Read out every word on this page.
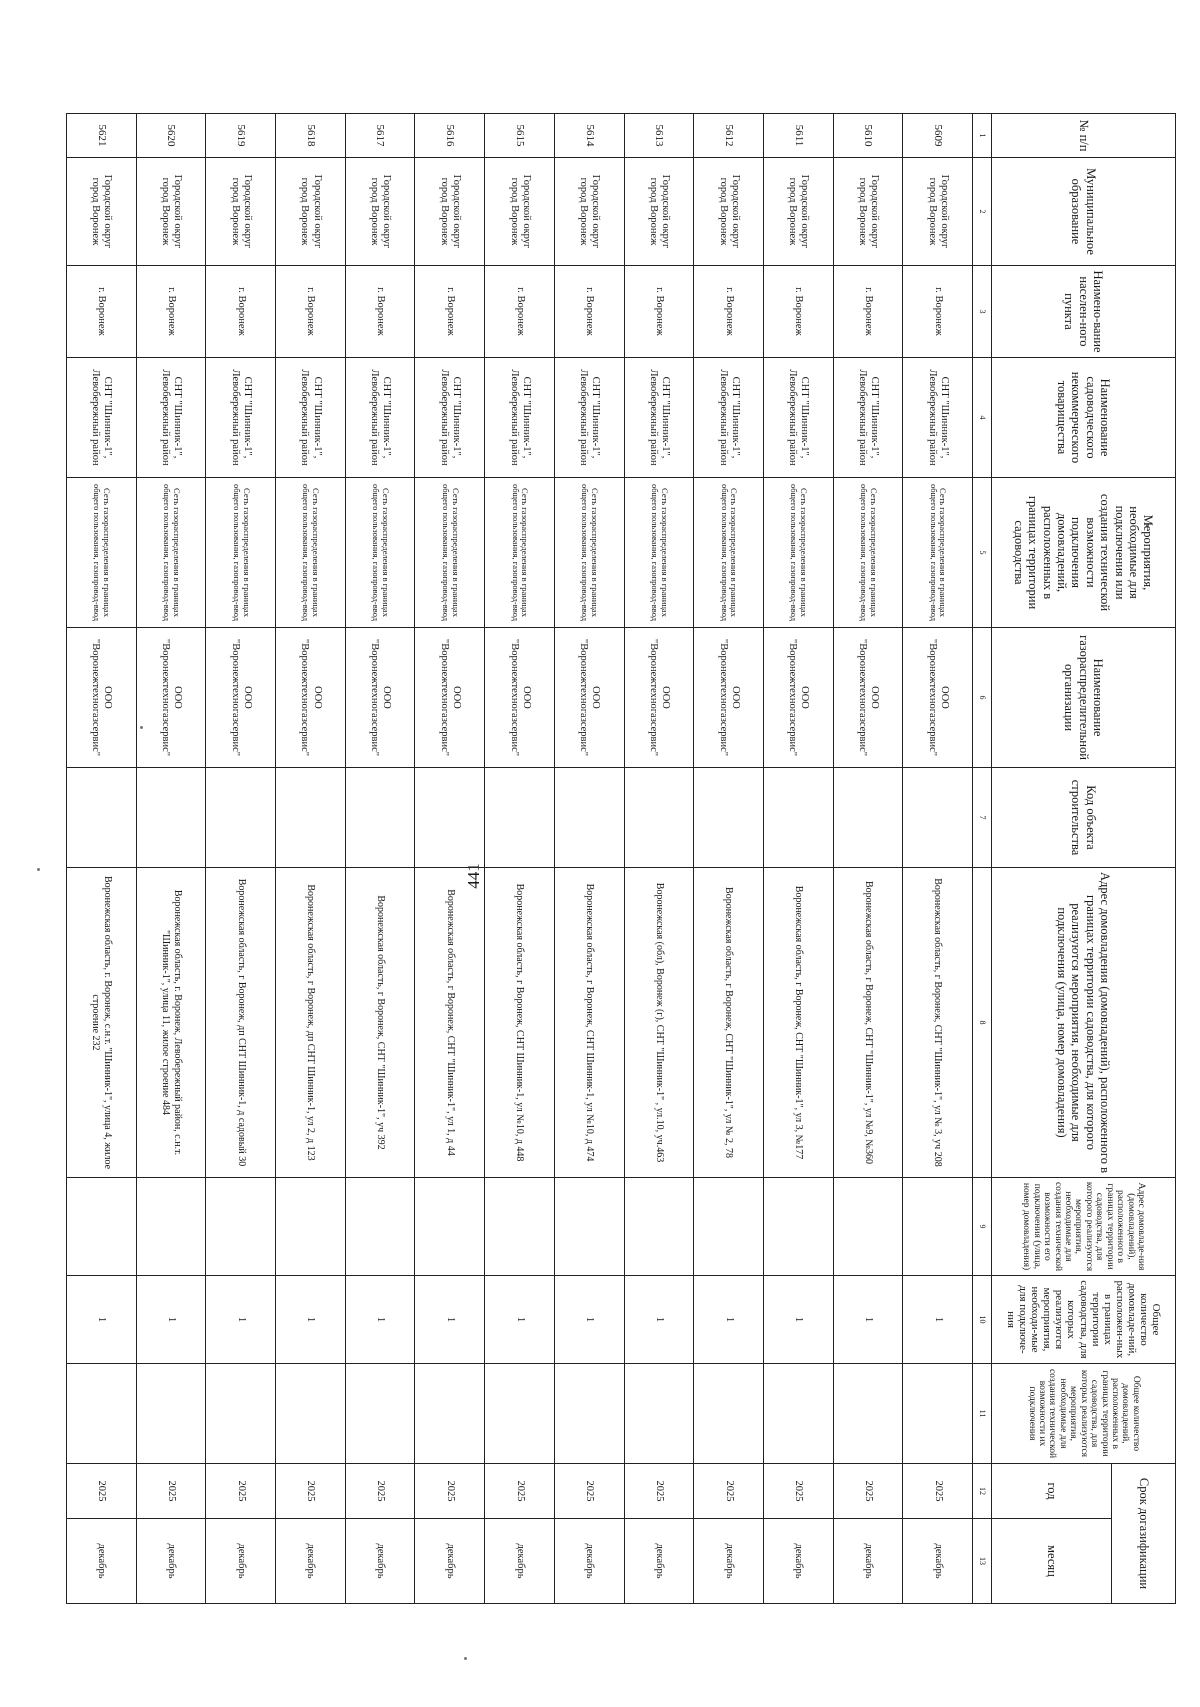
441
№ п/п	Муниципальное образование	Наимено-вание населен-ного пункта	Наименование садоводческого некоммерческого товарищества	Мероприятия, необходимые для подключения или создания технической возможности подключения домовладений, расположенных в границах территории садоводства	Наименование газораспределительной организации	Код объекта строительства	Адрес домовладения (домовладений), расположенного в границах территории садоводства, для которого реализуются мероприятия, необходимые для подключения (улица, номер домовладения)	Адрес домовладе-ния (домовладений), расположенного в границах территории садоводства, для которого реализуются мероприятия, необходимые для создания технической возможности его подключения (улица, номер домовладения)	Общее количество домовладе-ний, расположен-ных в границах территории садоводства, для которых реализуются мероприятия, необходи-мые для подключе-ния	Общее количество домовладений, расположенных в границах территории садоводства, для которых реализуются мероприятия, необходимые для создания технической возможности их подключения	Срок догазификации	
											год	месяц
1	2	3	4	5	6	7	8	9	10	11	12	13
5609	Городской округ город Воронеж	г. Воронеж	СНТ "Шинник-1", Левобережный район	Сеть газораспределения в границах общего пользования, газопровод-ввод	ООО "Воронежтехногазсервис"		Воронежская область, г Воронеж, СНТ "Шинник-1", ул № 3, уч 208		1		2025	декабрь
5610	Городской округ город Воронеж	г. Воронеж	СНТ "Шинник-1", Левобережный район	Сеть газораспределения в границах общего пользования, газопровод-ввод	ООО "Воронежтехногазсервис"		Воронежская область, г Воронеж, СНТ "Шинник-1", ул №9, №360		1		2025	декабрь
5611	Городской округ город Воронеж	г. Воронеж	СНТ "Шинник-1", Левобережный район	Сеть газораспределения в границах общего пользования, газопровод-ввод	ООО "Воронежтехногазсервис"		Воронежская область, г Воронеж, СНТ "Шинник-1", ул 3, №177		1		2025	декабрь
5612	Городской округ город Воронеж	г. Воронеж	СНТ "Шинник-1", Левобережный район	Сеть газораспределения в границах общего пользования, газопровод-ввод	ООО "Воронежтехногазсервис"		Воронежская область, г Воронеж, СНТ "Шинник-1", ул № 2, 78		1		2025	декабрь
5613	Городской округ город Воронеж	г. Воронеж	СНТ "Шинник-1", Левобережный район	Сеть газораспределения в границах общего пользования, газопровод-ввод	ООО "Воронежтехногазсервис"		Воронежская (обл), Воронеж (г), СНТ "Шинник-1" , ул.10, уч.463		1		2025	декабрь
5614	Городской округ город Воронеж	г. Воронеж	СНТ "Шинник-1", Левобережный район	Сеть газораспределения в границах общего пользования, газопровод-ввод	ООО "Воронежтехногазсервис"		Воронежская область, г Воронеж, СНТ Шинник-1, ул №10, д 474		1		2025	декабрь
5615	Городской округ город Воронеж	г. Воронеж	СНТ "Шинник-1", Левобережный район	Сеть газораспределения в границах общего пользования, газопровод-ввод	ООО "Воронежтехногазсервис"		Воронежская область, г Воронеж, СНТ Шинник-1, ул №10, д 448		1		2025	декабрь
5616	Городской округ город Воронеж	г. Воронеж	СНТ "Шинник-1", Левобережный район	Сеть газораспределения в границах общего пользования, газопровод-ввод	ООО "Воронежтехногазсервис"		Воронежская область, г Воронеж, СНТ "Шинник-1", ул 1, д 44		1		2025	декабрь
5617	Городской округ город Воронеж	г. Воронеж	СНТ "Шинник-1", Левобережный район	Сеть газораспределения в границах общего пользования, газопровод-ввод	ООО "Воронежтехногазсервис"		Воронежская область, г Воронеж, СНТ "Шинник-1", уч 392		1		2025	декабрь
5618	Городской округ город Воронеж	г. Воронеж	СНТ "Шинник-1", Левобережный район	Сеть газораспределения в границах общего пользования, газопровод-ввод	ООО "Воронежтехногазсервис"		Воронежская область, г Воронеж, дп СНТ Шинник-1, ул 2, д 123		1		2025	декабрь
5619	Городской округ город Воронеж	г. Воронеж	СНТ "Шинник-1", Левобережный район	Сеть газораспределения в границах общего пользования, газопровод-ввод	ООО "Воронежтехногазсервис"		Воронежская область, г Воронеж, дп СНТ Шинник-1, д садовый 30		1		2025	декабрь
5620	Городской округ город Воронеж	г. Воронеж	СНТ "Шинник-1", Левобережный район	Сеть газораспределения в границах общего пользования, газопровод-ввод	ООО "Воронежтехногазсервис"		Воронежская область, г. Воронеж, Левобережный район, с.н.т. "Шинник-1", улица 11, жилое строение 484		1		2025	декабрь
5621	Городской округ город Воронеж	г. Воронеж	СНТ "Шинник-1", Левобережный район	Сеть газораспределения в границах общего пользования, газопровод-ввод	ООО "Воронежтехногазсервис"		Воронежская область, г. Воронеж, с.н.т. "Шинник-1", улица 4, жилое строение 232		1		2025	декабрь
